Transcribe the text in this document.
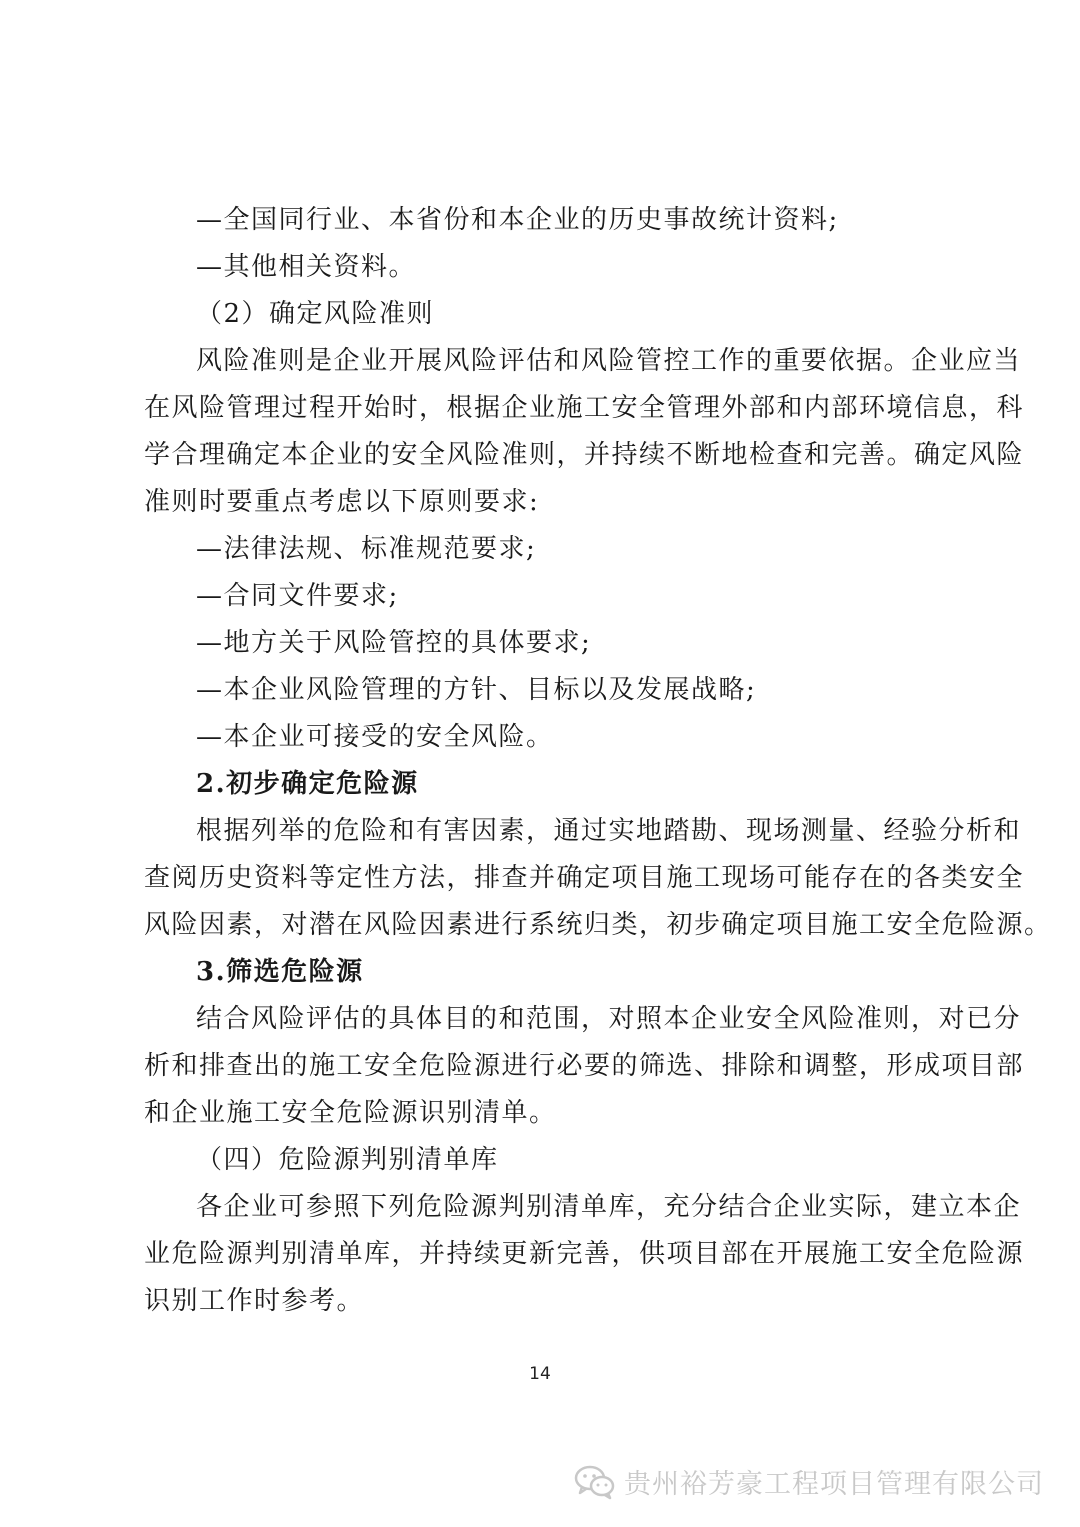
—全国同行业、本省份和本企业的历史事故统计资料;
—其他相关资料。
（2）确定风险准则
风险准则是企业开展风险评估和风险管控工作的重要依据。企业应当
在风险管理过程开始时，根据企业施工安全管理外部和内部环境信息，科
学合理确定本企业的安全风险准则，并持续不断地检查和完善。确定风险
准则时要重点考虑以下原则要求:
—法律法规、标准规范要求;
—合同文件要求;
—地方关于风险管控的具体要求;
—本企业风险管理的方针、目标以及发展战略;
—本企业可接受的安全风险。
2.初步确定危险源
根据列举的危险和有害因素，通过实地踏勘、现场测量、经验分析和
查阅历史资料等定性方法，排查并确定项目施工现场可能存在的各类安全
风险因素，对潜在风险因素进行系统归类，初步确定项目施工安全危险源。
3.筛选危险源
结合风险评估的具体目的和范围，对照本企业安全风险准则，对已分
析和排查出的施工安全危险源进行必要的筛选、排除和调整，形成项目部
和企业施工安全危险源识别清单。
（四）危险源判别清单库
各企业可参照下列危险源判别清单库，充分结合企业实际，建立本企
业危险源判别清单库，并持续更新完善，供项目部在开展施工安全危险源
识别工作时参考。
14
贵州裕芳豪工程项目管理有限公司
